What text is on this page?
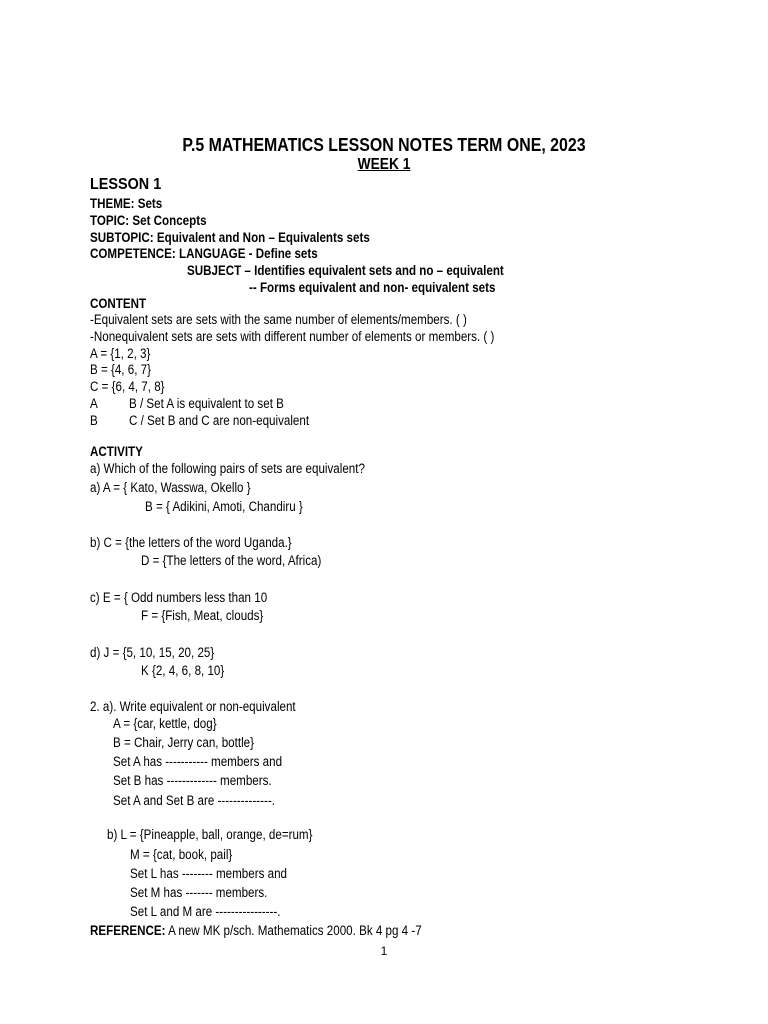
P.5 MATHEMATICS LESSON NOTES TERM ONE, 2023
WEEK 1
LESSON 1
THEME: Sets
TOPIC: Set Concepts
SUBTOPIC: Equivalent and Non – Equivalents sets
COMPETENCE: LANGUAGE - Define sets
SUBJECT – Identifies equivalent sets and no – equivalent
-- Forms equivalent and non- equivalent sets
CONTENT
-Equivalent sets are sets with the same number of elements/members. ( )
-Nonequivalent sets are sets with different number of elements or members. ( )
A = {1, 2, 3}
B = {4, 6, 7}
C = {6, 4, 7, 8}
A B / Set A is equivalent to set B
B C / Set B and C are non-equivalent
ACTIVITY
a) Which of the following pairs of sets are equivalent?
a) A = { Kato, Wasswa, Okello }
B = { Adikini, Amoti, Chandiru }
b) C = {the letters of the word Uganda.}
D = {The letters of the word, Africa)
c) E = { Odd numbers less than 10
F = {Fish, Meat, clouds}
d) J = {5, 10, 15, 20, 25}
K {2, 4, 6, 8, 10}
2. a). Write equivalent or non-equivalent
A = {car, kettle, dog}
B = Chair, Jerry can, bottle}
Set A has ----------- members and
Set B has ------------- members.
Set A and Set B are --------------.
b) L = {Pineapple, ball, orange, de=rum}
M = {cat, book, pail}
Set L has -------- members and
Set M has ------- members.
Set L and M are ----------------.
REFERENCE: A new MK p/sch. Mathematics 2000. Bk 4 pg 4 -7
1
